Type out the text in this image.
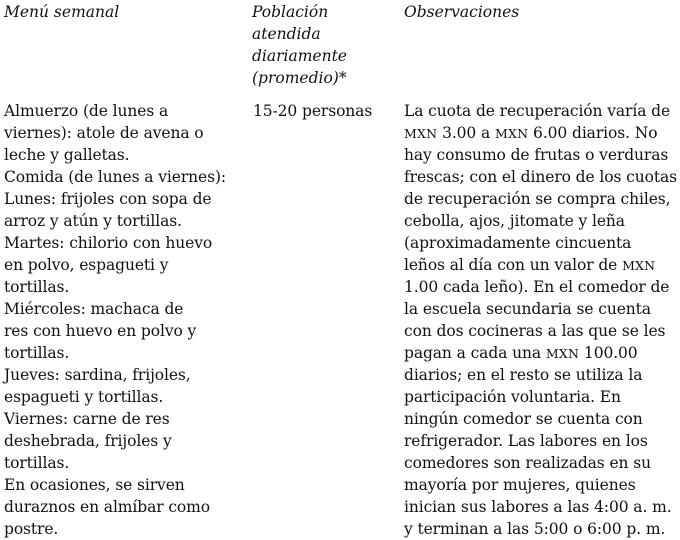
Menú semanal	Población
atendida
diariamente
(promedio)*
Observaciones
Almuerzo (de lunes a
viernes): atole de avena o
leche y galletas.
Comida (de lunes a viernes):
Lunes: frijoles con sopa de
arroz y atún y tortillas.
Martes: chilorio con huevo
en polvo, espagueti y
tortillas.
Miércoles: machaca de
res con huevo en polvo y
tortillas.
Jueves: sardina, frijoles,
espagueti y tortillas.
Viernes: carne de res
deshebrada, frijoles y
tortillas.
En ocasiones, se sirven
duraznos en almíbar como
postre.
15-20 personas La cuota de recuperación varía de
MXN 3.00 a MXN 6.00 diarios. No
hay consumo de frutas o verduras
frescas; con el dinero de los cuotas
de recuperación se compra chiles,
cebolla, ajos, jitomate y leña
(aproximadamente cincuenta
leños al día con un valor de MXN
1.00 cada leño). En el comedor de
la escuela secundaria se cuenta
con dos cocineras a las que se les
pagan a cada una MXN 100.00
diarios; en el resto se utiliza la
participación voluntaria. En
ningún comedor se cuenta con
refrigerador. Las labores en los
comedores son realizadas en su
mayoría por mujeres, quienes
inician sus labores a las 4:00 a. m.
y terminan a las 5:00 o 6:00 p. m.
